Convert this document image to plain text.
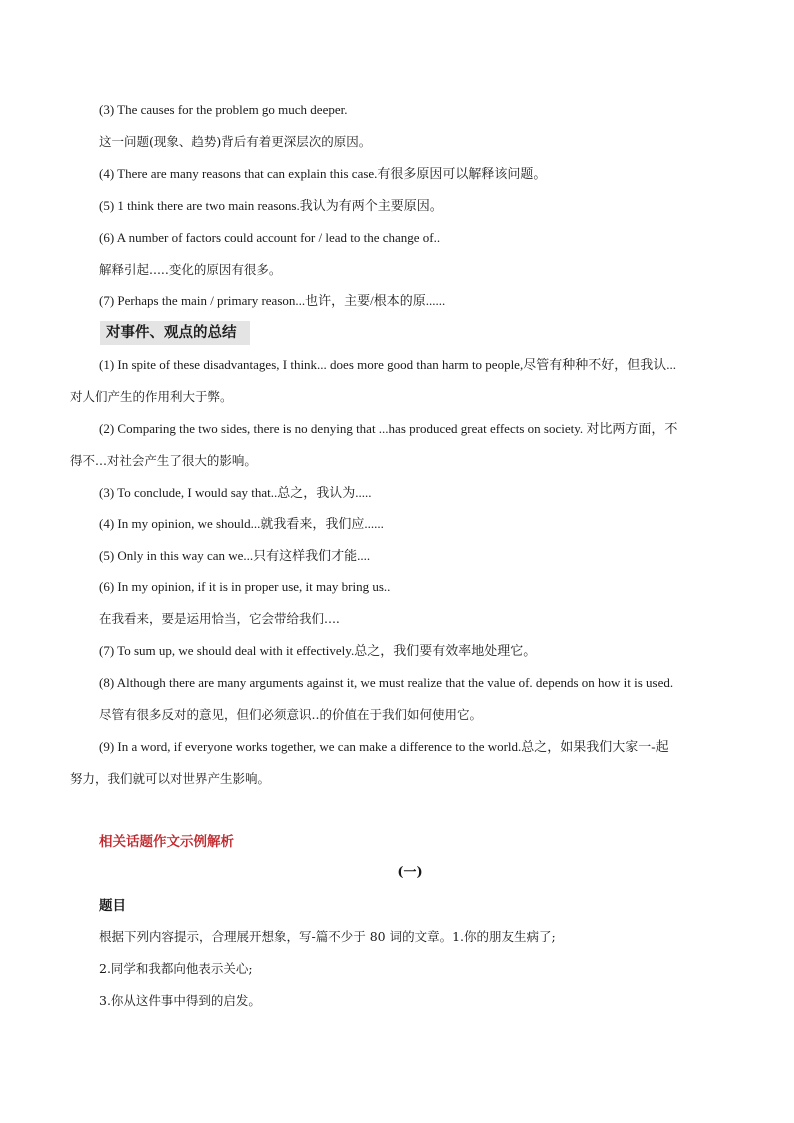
(3) The causes for the problem go much deeper.
这一问题(现象、趋势)背后有着更深层次的原因。
(4) There are many reasons that can explain this case.有很多原因可以解释该问题。
(5) 1 think there are two main reasons.我认为有两个主要原因。
(6) A number of factors could account for / lead to the change of..
解释引起.....变化的原因有很多。
(7) Perhaps the main / primary reason...也许，主要/根本的原......
对事件、观点的总结
(1) In spite of these disadvantages, I think... does more good than harm to people,尽管有种种不好，但我认...
对人们产生的作用利大于弊。
(2) Comparing the two sides, there is no denying that ...has produced great effects on society. 对比两方面，不
得不...对社会产生了很大的影响。
(3) To conclude, I would say that..总之，我认为.....
(4) In my opinion, we should...就我看来，我们应......
(5) Only in this way can we...只有这样我们才能....
(6) In my opinion, if it is in proper use, it may bring us..
在我看来，要是运用恰当，它会带给我们....
(7) To sum up, we should deal with it effectively.总之，我们要有效率地处理它。
(8) Although there are many arguments against it, we must realize that the value of. depends on how it is used.
尽管有很多反对的意见，但们必须意识..的价值在于我们如何使用它。
(9) In a word, if everyone works together, we can make a difference to the world.总之，如果我们大家一-起
努力，我们就可以对世界产生影响。
相关话题作文示例解析
(一)
题目
根据下列内容提示，合理展开想象，写-篇不少于 80 词的文章。1.你的朋友生病了;
2.同学和我都向他表示关心;
3.你从这件事中得到的启发。
